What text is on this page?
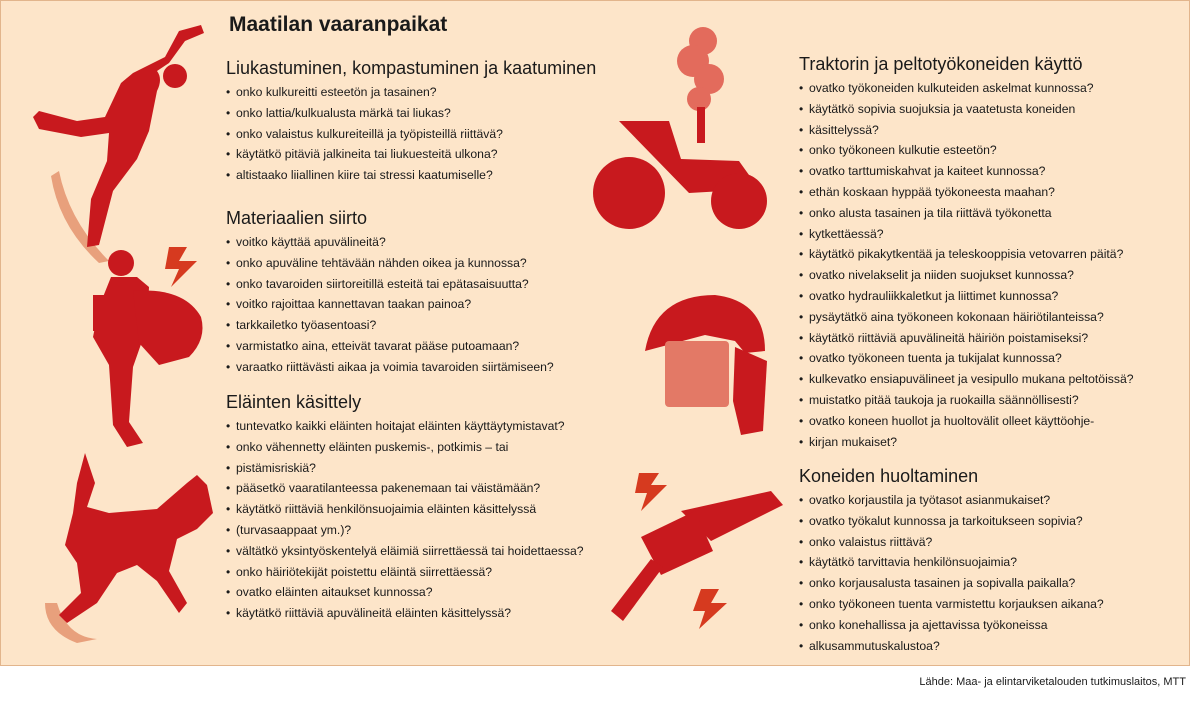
Maatilan vaaranpaikat
Liukastuminen, kompastuminen ja kaatuminen
• onko kulkureitti esteetön ja tasainen?
• onko lattia/kulkualusta märkä tai liukas?
• onko valaistus kulkureiteillä ja työpisteillä riittävä?
• käytätkö pitäviä jalkineita tai liukuesteitä ulkona?
• altistaako liiallinen kiire tai stressi kaatumiselle?
Materiaalien siirto
• voitko käyttää apuvälineitä?
• onko apuväline tehtävään nähden oikea ja kunnossa?
• onko tavaroiden siirtoreitillä esteitä tai epätasaisuutta?
• voitko rajoittaa kannettavan taakan painoa?
• tarkkailetko työasentoasi?
• varmistatko aina, etteivät tavarat pääse putoamaan?
• varaatko riittävästi aikaa ja voimia tavaroiden siirtämiseen?
Eläinten käsittely
• tuntevatko kaikki eläinten hoitajat eläinten käyttäytymistavat?
• onko vähennetty eläinten puskemis-, potkimis – tai
• pistämisriskiä?
• pääsetkö vaaratilanteessa pakenemaan tai väistämään?
• käytätkö riittäviä henkilönsuojaimia eläinten käsittelyssä
• (turvasaappaat ym.)?
• vältätkö yksintyöskentelyä eläimiä siirrettäessä tai hoidettaessa?
• onko häiriötekijät poistettu eläintä siirrettäessä?
• ovatko eläinten aitaukset kunnossa?
• käytätkö riittäviä apuvälineitä eläinten käsittelyssä?
Traktorin ja peltotyökoneiden käyttö
• ovatko työkoneiden kulkuteiden askelmat kunnossa?
• käytätkö sopivia suojuksia ja vaatetusta koneiden
• käsittelyssä?
• onko työkoneen kulkutie esteetön?
• ovatko tarttumiskahvat ja kaiteet kunnossa?
• ethän koskaan hyppää työkoneesta maahan?
• onko alusta tasainen ja tila riittävä työkonetta
• kytkettäessä?
• käytätkö pikakytkentää ja teleskooppisia vetovarren päitä?
• ovatko nivelakselit ja niiden suojukset kunnossa?
• ovatko hydrauliikkaletkut ja liittimet kunnossa?
• pysäytätkö aina työkoneen kokonaan häiriötilanteissa?
• käytätkö riittäviä apuvälineitä häiriön poistamiseksi?
• ovatko työkoneen tuenta ja tukijalat kunnossa?
• kulkevatko ensiapuvälineet ja vesipullo mukana peltotöissä?
• muistatko pitää taukoja ja ruokailla säännöllisesti?
• ovatko koneen huollot ja huoltovälit olleet käyttöohje-
• kirjan mukaiset?
Koneiden huoltaminen
• ovatko korjaustila ja työtasot asianmukaiset?
• ovatko työkalut kunnossa ja tarkoitukseen sopivia?
• onko valaistus riittävä?
• käytätkö tarvittavia henkilönsuojaimia?
• onko korjausalusta tasainen ja sopivalla paikalla?
• onko työkoneen tuenta varmistettu korjauksen aikana?
• onko konehallissa ja ajettavissa työkoneissa
• alkusammutuskalustoa?
Lähde: Maa- ja elintarviketalouden tutkimuslaitos, MTT
